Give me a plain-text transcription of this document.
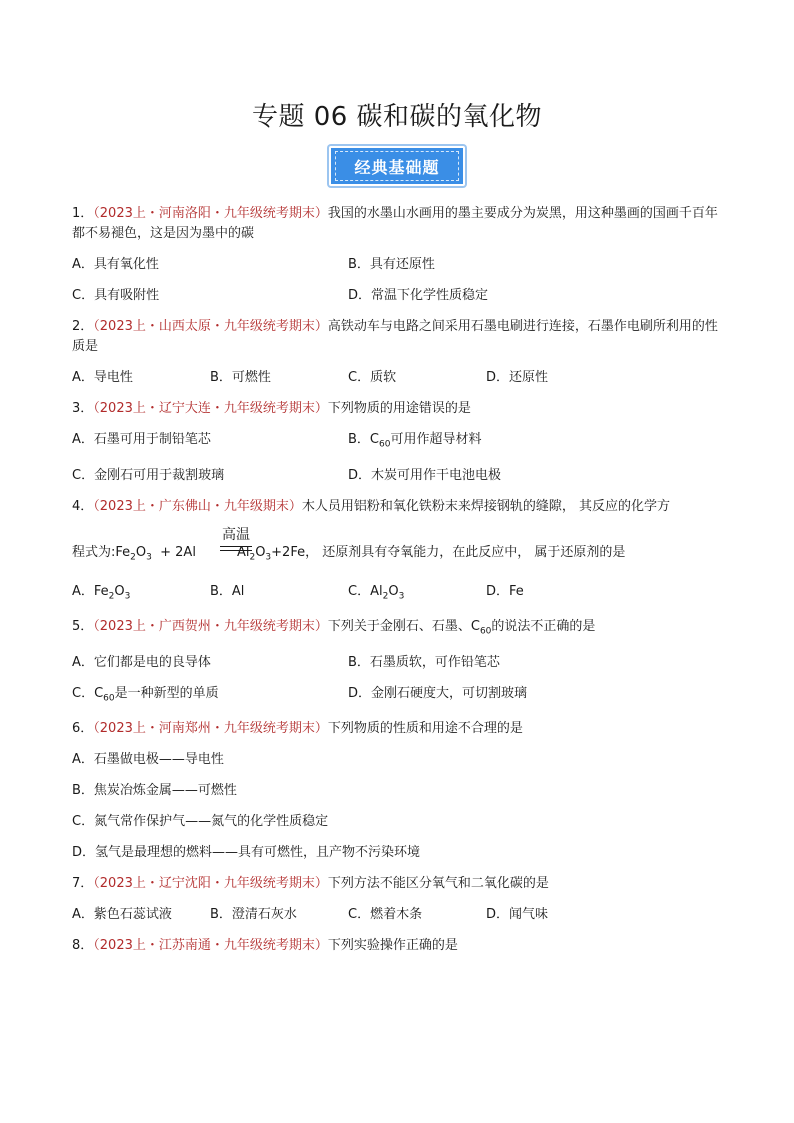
专题 06 碳和碳的氧化物
经典基础题
1．（2023上・河南洛阳・九年级统考期末）我国的水墨山水画用的墨主要成分为炭黑，用这种墨画的国画千百年都不易褪色，这是因为墨中的碳
A．具有氧化性	B．具有还原性
C．具有吸附性	D．常温下化学性质稳定
2．（2023上・山西太原・九年级统考期末）高铁动车与电路之间采用石墨电刷进行连接，石墨作电刷所利用的性质是
A．导电性	B．可燃性	C．质软	D．还原性
3．（2023上・辽宁大连・九年级统考期末）下列物质的用途错误的是
A．石墨可用于制铅笔芯	B．$C_{60}$可用作超导材料
C．金刚石可用于裁割玻璃	D．木炭可用作干电池电极
4．（2023上・广东佛山・九年级期末）木人员用铝粉和氧化铁粉末来焊接钢轨的缝隙， 其反应的化学方
高温
程式为$:Fe_2O_3 + 2Al$	$Al_2O_3+2Fe$， 还原剂具有夺氧能力，在此反应中， 属于还原剂的是
A．$Fe_2O_3$	B．Al	C．$Al_2O_3$	D．Fe
5．（2023上・广西贺州・九年级统考期末）下列关于金刚石、石墨、$C_{60}$的说法不正确的是
A．它们都是电的良导体	B．石墨质软，可作铅笔芯
C．$C_{60}$是一种新型的单质	D．金刚石硬度大，可切割玻璃
6．（2023上・河南郑州・九年级统考期末）下列物质的性质和用途不合理的是
A．石墨做电极——导电性
B．焦炭冶炼金属——可燃性
C．氮气常作保护气——氮气的化学性质稳定
D．氢气是最理想的燃料——具有可燃性，且产物不污染环境
7．（2023上・辽宁沈阳・九年级统考期末）下列方法不能区分氧气和二氧化碳的是
A．紫色石蕊试液	B．澄清石灰水	C．燃着木条	D．闻气味
8．（2023上・江苏南通・九年级统考期末）下列实验操作正确的是
